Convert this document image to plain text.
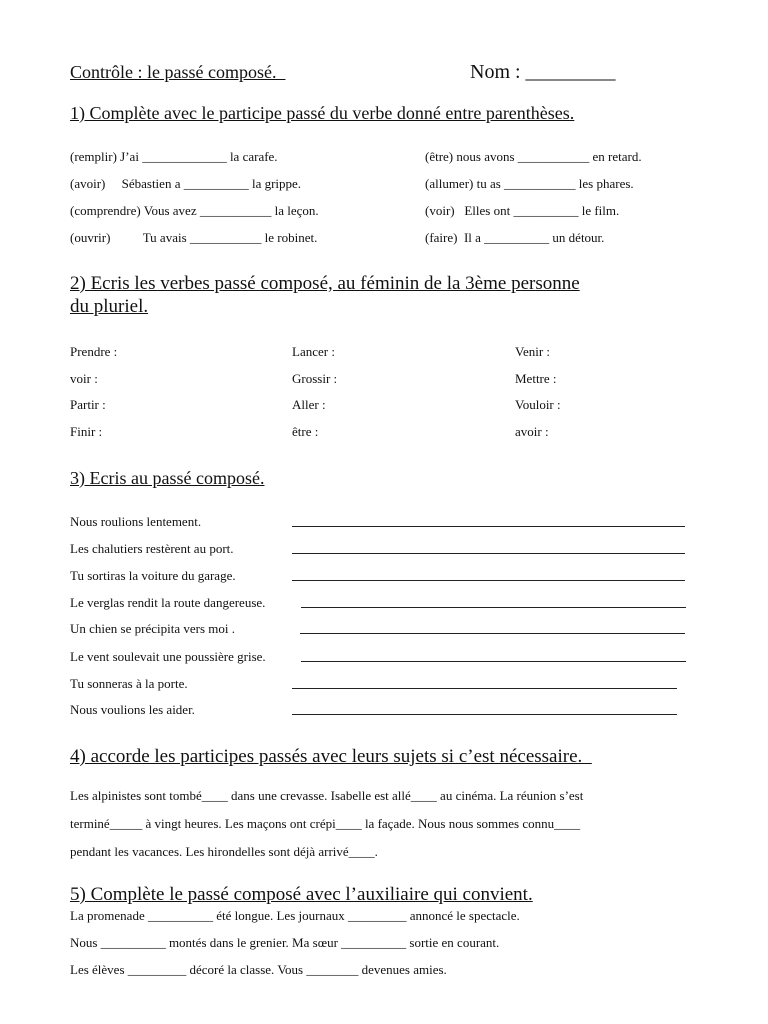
Contrôle : le passé composé.	Nom : _________
1) Complète avec le participe passé du verbe donné entre parenthèses.
(remplir) J’ai _____________ la carafe.
(avoir)     Sébastien a __________ la grippe.
(comprendre) Vous avez ___________ la leçon.
(ouvrir)          Tu avais ___________ le robinet.
(être) nous avons ___________ en retard.
(allumer) tu as ___________ les phares.
(voir)   Elles ont __________ le film.
(faire)  Il a __________ un détour.
2) Ecris les verbes passé composé, au féminin de la 3ème personne
du pluriel.
Prendre :
voir :
Partir :
Finir :
Lancer :
Grossir :
Aller :
être :
Venir :
Mettre :
Vouloir :
avoir :
3) Ecris au passé composé.
Nous roulions lentement.
Les chalutiers restèrent au port.
Tu sortiras la voiture du garage.
Le verglas rendit la route dangereuse.
Un chien se précipita vers moi .
Le vent soulevait une poussière grise.
Tu sonneras à la porte.
Nous voulions les aider.
4) accorde les participes passés avec leurs sujets si c’est nécessaire.
Les alpinistes sont tombé____ dans une crevasse. Isabelle est allé____ au cinéma. La réunion s’est
terminé_____ à vingt heures. Les maçons ont crépi____ la façade. Nous nous sommes connu____
pendant les vacances. Les hirondelles sont déjà arrivé____.
5) Complète le passé composé avec l’auxiliaire qui convient.
La promenade __________ été longue. Les journaux _________ annoncé le spectacle.
Nous __________ montés dans le grenier. Ma sœur __________ sortie en courant.
Les élèves _________ décoré la classe. Vous ________ devenues amies.
